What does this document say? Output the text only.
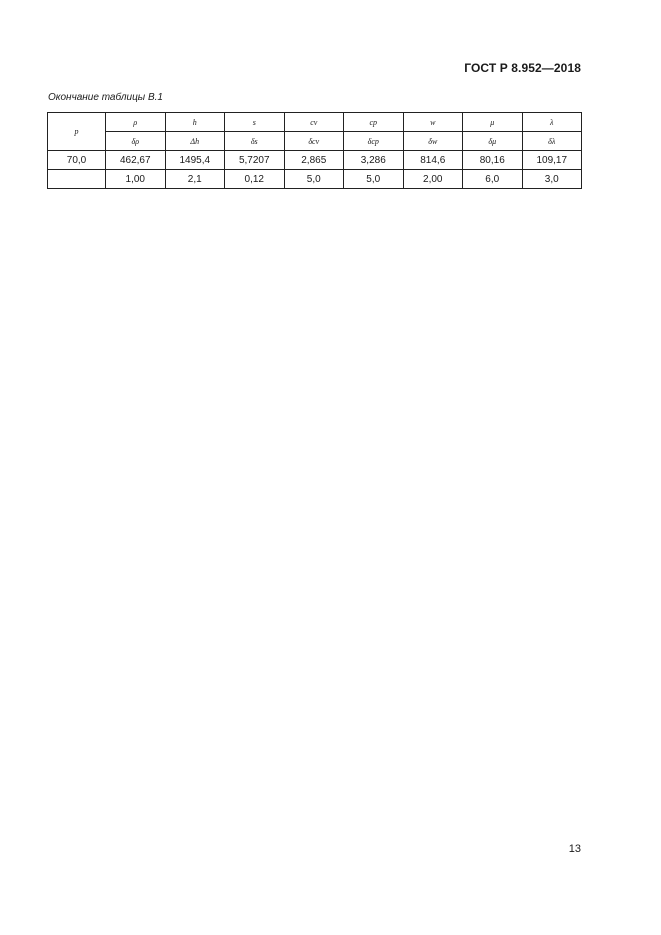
ГОСТ Р 8.952—2018
Окончание таблицы В.1
p	ρ	h	s	cv	cp	w	μ	λ
	δρ	Δh	δs	δcv	δcp	δw	δμ	δλ
70,0	462,67	1495,4	5,7207	2,865	3,286	814,6	80,16	109,17
	1,00	2,1	0,12	5,0	5,0	2,00	6,0	3,0
13
